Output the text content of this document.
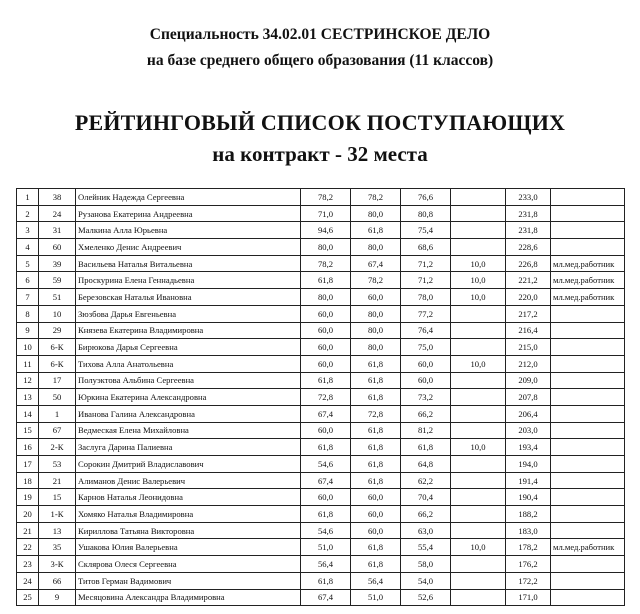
Специальность 34.02.01 СЕСТРИНСКОЕ ДЕЛО
на базе среднего общего образования (11 классов)
РЕЙТИНГОВЫЙ СПИСОК ПОСТУПАЮЩИХ
на контракт - 32 места
1	38	Олейник Надежда Сергеевна	78,2	78,2	76,6		233,0	
2	24	Рузанова Екатерина Андреевна	71,0	80,0	80,8		231,8	
3	31	Малкина Алла Юрьевна	94,6	61,8	75,4		231,8	
4	60	Хмеленко Денис Андреевич	80,0	80,0	68,6		228,6	
5	39	Васильева Наталья Витальевна	78,2	67,4	71,2	10,0	226,8	мл.мед.работник
6	59	Проскурина Елена Геннадьевна	61,8	78,2	71,2	10,0	221,2	мл.мед.работник
7	51	Березовская Наталья Ивановна	80,0	60,0	78,0	10,0	220,0	мл.мед.работник
8	10	Зюзбова Дарья Евгеньевна	60,0	80,0	77,2		217,2	
9	29	Князева Екатерина Владимировна	60,0	80,0	76,4		216,4	
10	6-К	Бирюкова Дарья Сергеевна	60,0	80,0	75,0		215,0	
11	6-К	Тихова Алла Анатольевна	60,0	61,8	60,0	10,0	212,0	
12	17	Полуэктова Альбина Сергеевна	61,8	61,8	60,0		209,0	
13	50	Юркина Екатерина Александровна	72,8	61,8	73,2		207,8	
14	1	Иванова Галина Александровна	67,4	72,8	66,2		206,4	
15	67	Ведмеская Елена Михайловна	60,0	61,8	81,2		203,0	
16	2-К	Заслуга Дарина Палиевна	61,8	61,8	61,8	10,0	193,4	
17	53	Сорокин Дмитрий Владиславович	54,6	61,8	64,8		194,0	
18	21	Алиманов Денис Валерьевич	67,4	61,8	62,2		191,4	
19	15	Карнов Наталья Леонидовна	60,0	60,0	70,4		190,4	
20	1-К	Хомяко Наталья Владимировна	61,8	60,0	66,2		188,2	
21	13	Кириллова Татьяна Викторовна	54,6	60,0	63,0		183,0	
22	35	Ушакова Юлия Валерьевна	51,0	61,8	55,4	10,0	178,2	мл.мед.работник
23	3-К	Склярова Олеся Сергеевна	56,4	61,8	58,0		176,2	
24	66	Титов Герман Вадимович	61,8	56,4	54,0		172,2	
25	9	Месяцовина Александра Владимировна	67,4	51,0	52,6		171,0	
